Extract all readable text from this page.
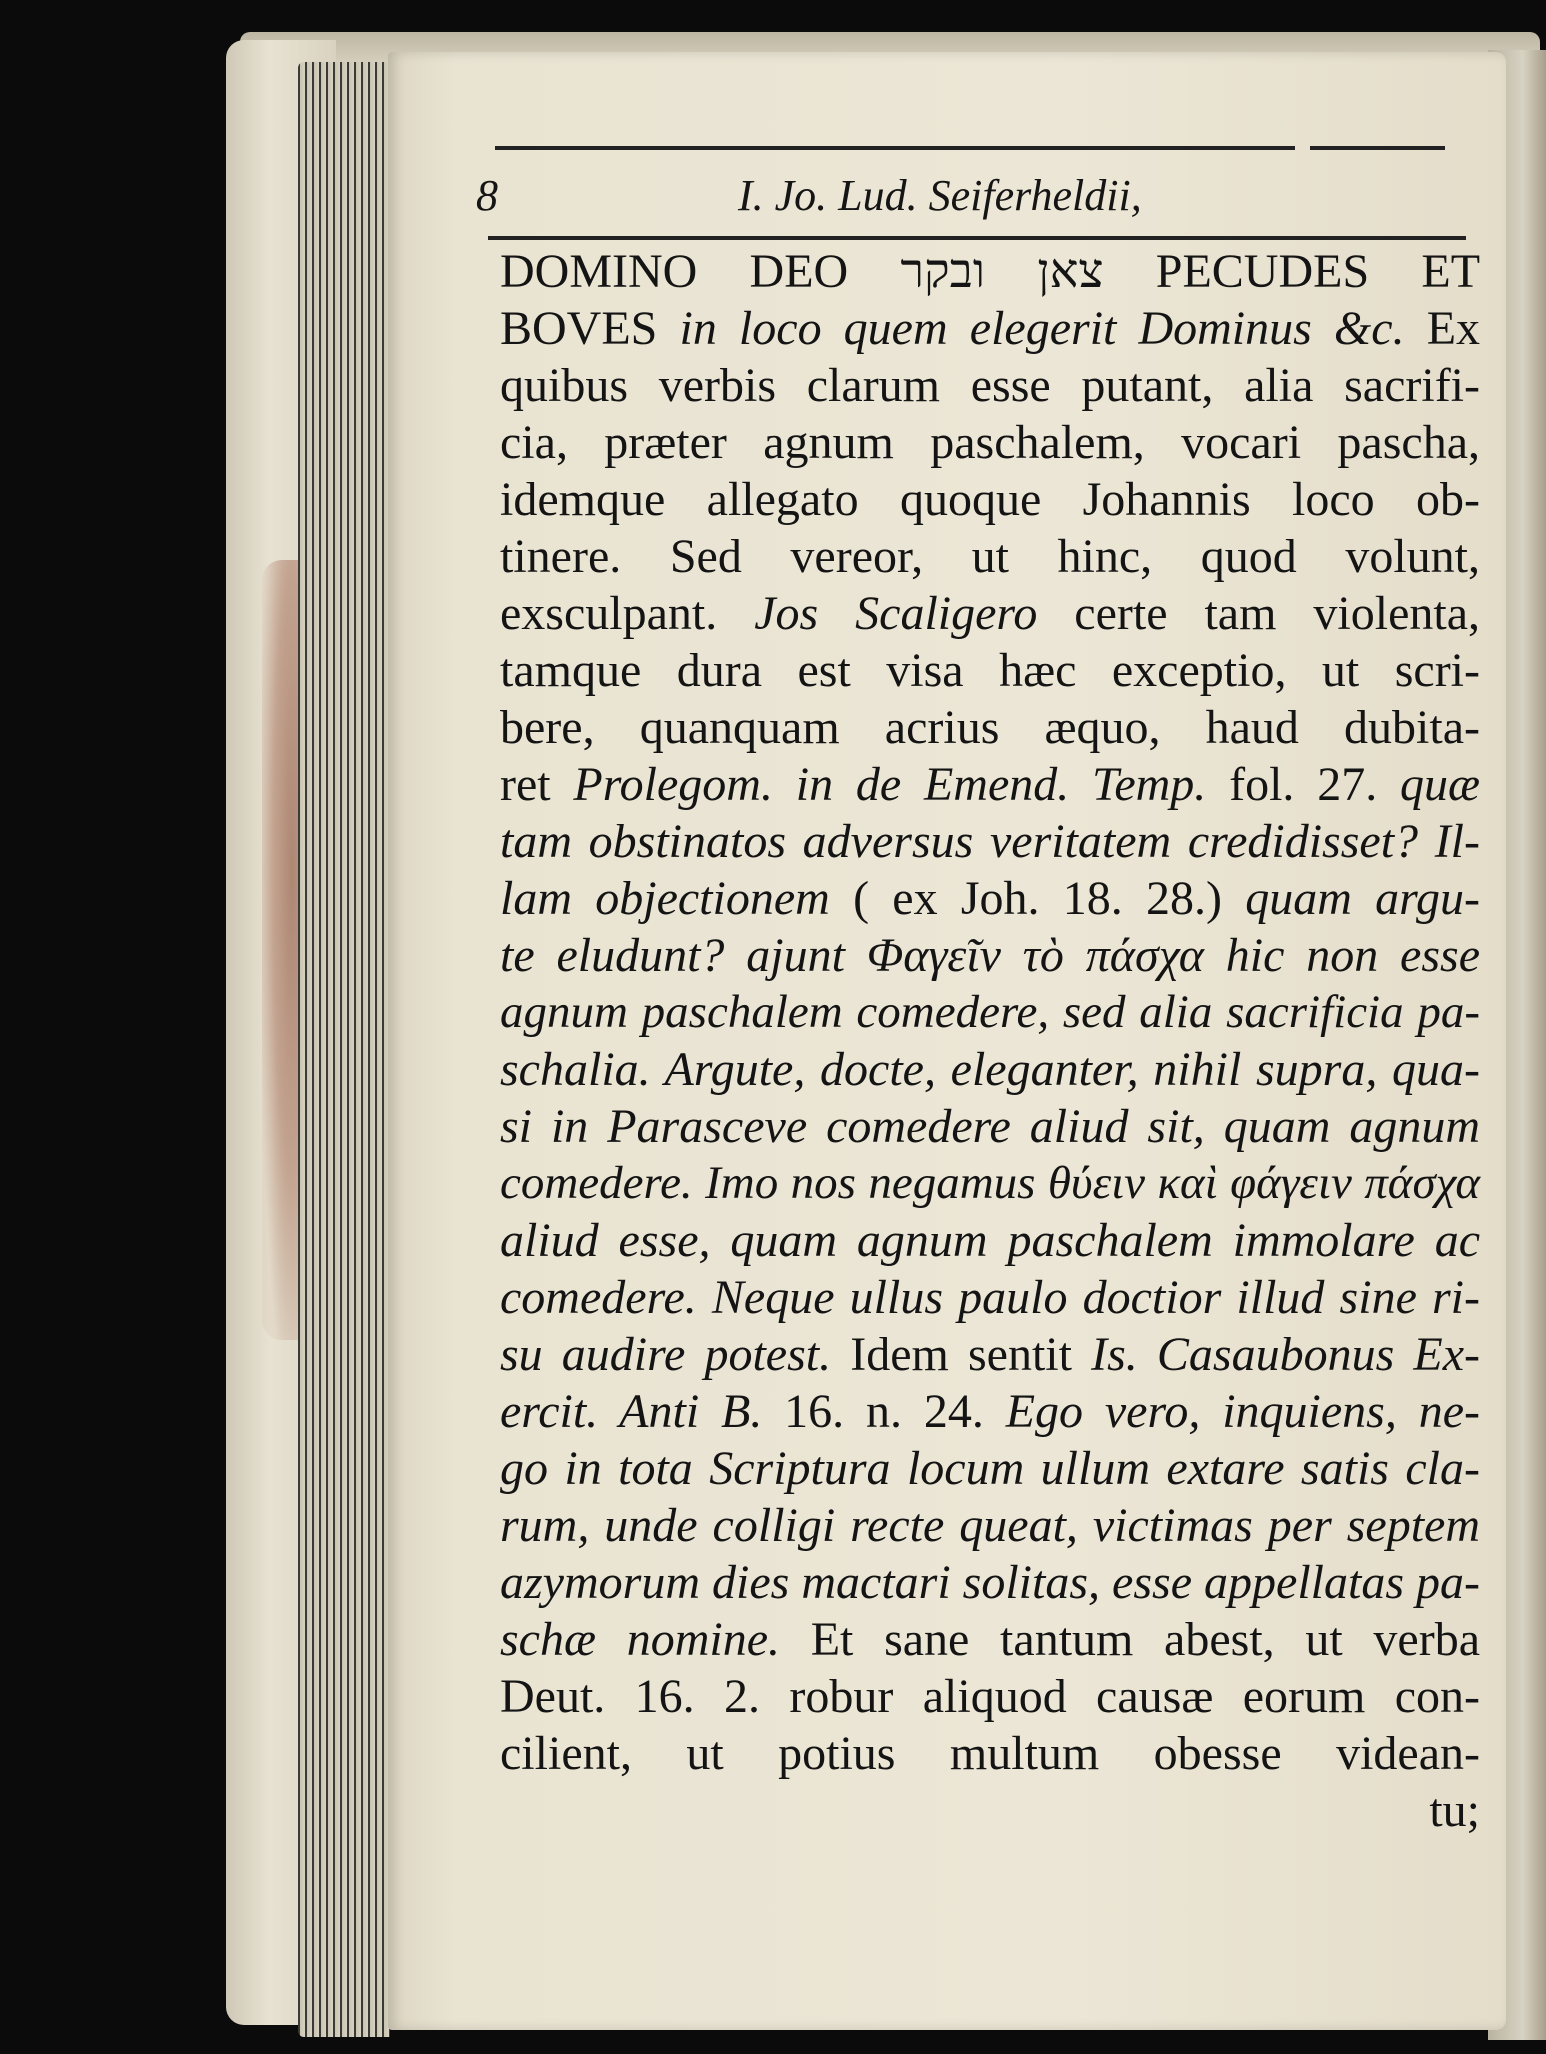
8	I. Jo. Lud. Seiferheldii,
DOMINO DEO צאן ובקר PECUDES ET
BOVES in loco quem elegerit Dominus &c. Ex
quibus verbis clarum esse putant, alia sacrifi-
cia, præter agnum paschalem, vocari pascha,
idemque allegato quoque Johannis loco ob-
tinere. Sed vereor, ut hinc, quod volunt,
exsculpant. Jos Scaligero certe tam violenta,
tamque dura est visa hæc exceptio, ut scri-
bere, quanquam acrius æquo, haud dubita-
ret Prolegom. in de Emend. Temp. fol. 27. quæ
tam obstinatos adversus veritatem credidisset? Il-
lam objectionem ( ex Joh. 18. 28.) quam argu-
te eludunt? ajunt Φαγεῖν τὸ πάσχα hic non esse
agnum paschalem comedere, sed alia sacrificia pa-
schalia. Argute, docte, eleganter, nihil supra, qua-
si in Parasceve comedere aliud sit, quam agnum
comedere. Imo nos negamus θύειν καὶ φάγειν πάσχα
aliud esse, quam agnum paschalem immolare ac
comedere. Neque ullus paulo doctior illud sine ri-
su audire potest. Idem sentit Is. Casaubonus Ex-
ercit. Anti B. 16. n. 24. Ego vero, inquiens, ne-
go in tota Scriptura locum ullum extare satis cla-
rum, unde colligi recte queat, victimas per septem
azymorum dies mactari solitas, esse appellatas pa-
schæ nomine. Et sane tantum abest, ut verba
Deut. 16. 2. robur aliquod causæ eorum con-
cilient, ut potius multum obesse videan-
tu;
